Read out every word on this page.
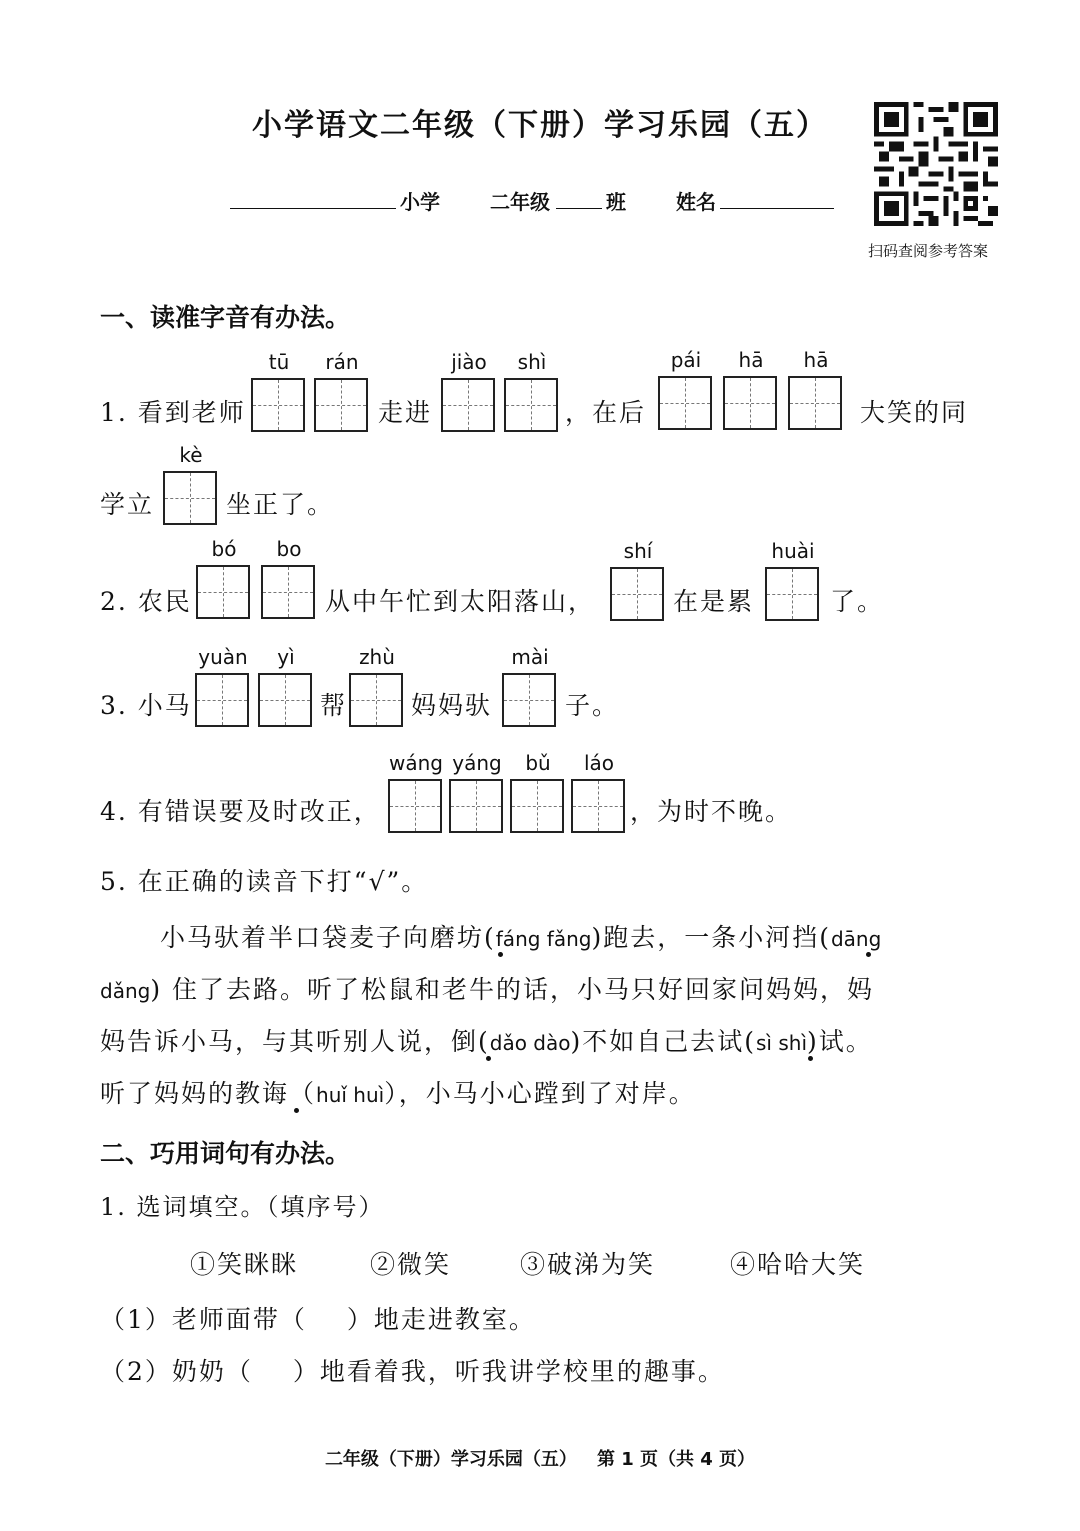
小学语文二年级（下册）学习乐园（五）
小学	二年级	班	姓名
扫码查阅参考答案
一、读准字音有办法。
1. 看到老师
tū	rán
走进
jiào	shì
，在后
pái	hā	hā
大笑的同
学立
kè
坐正了。
2. 农民
bó	bo
从中午忙到太阳落山，
shí
在是累
huài
了。
3. 小马
yuàn	yì
帮
zhù
妈妈驮
mài
子。
4. 有错误要及时改正，
wáng yáng	bǔ	láo
，为时不晚。
5. 在正确的读音下打“√”。
小马驮着半口袋麦子向磨坊(fáng fǎng)跑去，一条小河挡(dāng
dǎng) 住了去路。听了松鼠和老牛的话，小马只好回家问妈妈，妈
妈告诉小马，与其听别人说，倒(dǎo dào)不如自己去试(sì shì)试。
听了妈妈的教诲（huǐ huì），小马小心蹚到了对岸。
二、巧用词句有办法。
1. 选词填空。（填序号）
①笑眯眯	②微笑	③破涕为笑	④哈哈大笑
（1）老师面带（ ）地走进教室。
（2）奶奶（ ）地看着我，听我讲学校里的趣事。
二年级（下册）学习乐园（五） 第 1 页（共 4 页）
